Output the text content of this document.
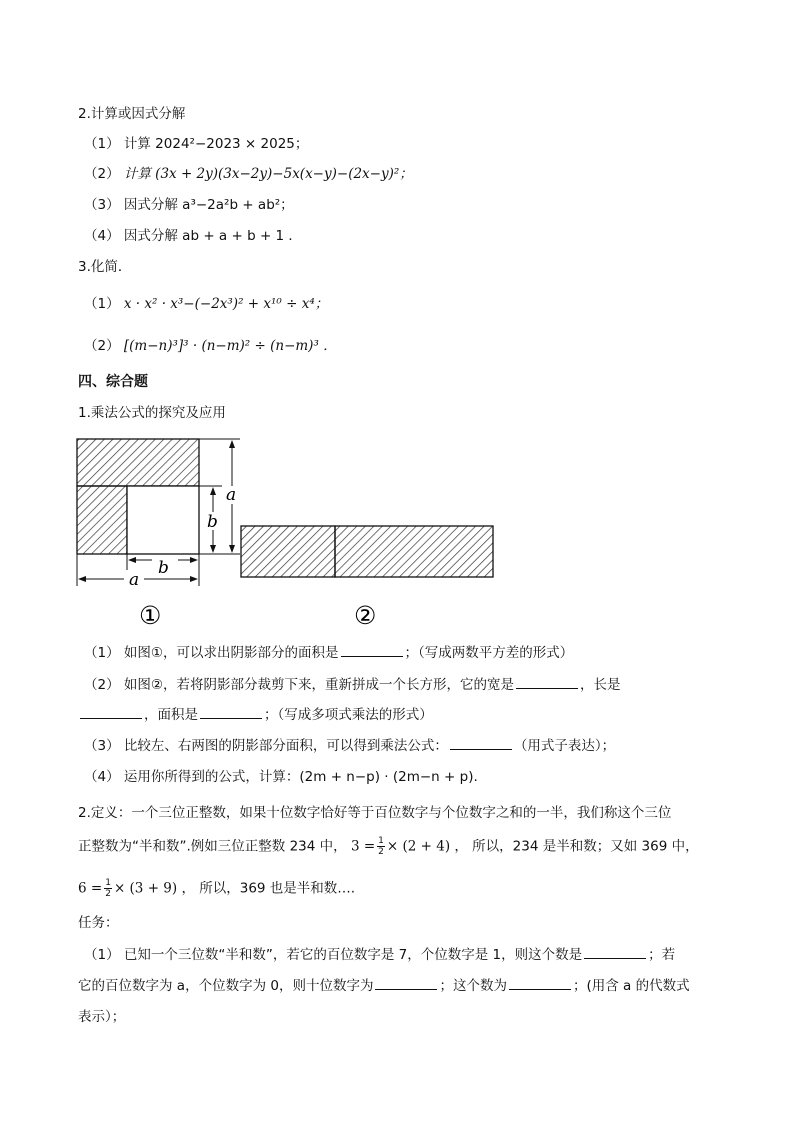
2.计算或因式分解
（1） 计算 2024²−2023 × 2025；
（2） 计算 (3x + 2y)(3x−2y)−5x(x−y)−(2x−y)²；
（3） 因式分解 a³−2a²b + ab²；
（4） 因式分解 ab + a + b + 1 ．
3.化简．
（1） x · x² · x³−(−2x³)² + x¹⁰ ÷ x⁴；
（2） [(m−n)³]³ · (n−m)² ÷ (n−m)³ ．
四、综合题
1.乘法公式的探究及应用
b
a
a
b
①	②
（1） 如图①，可以求出阴影部分的面积是	；（写成两数平方差的形式）
（2） 如图②，若将阴影部分裁剪下来，重新拼成一个长方形，它的宽是	，长是
，面积是	；（写成多项式乘法的形式）
（3） 比较左、右两图的阴影部分面积，可以得到乘法公式：	（用式子表达）；
（4） 运用你所得到的公式，计算：(2m + n−p) · (2m−n + p).
2.定义：一个三位正整数，如果十位数字恰好等于百位数字与个位数字之和的一半，我们称这个三位
正整数为“半和数”.例如三位正整数 234 中， $3 = \frac{1}{2} \times (2 + 4)$ ， 所以，234 是半和数；又如 369 中，
$6 = \frac{1}{2} \times (3 + 9)$ ， 所以，369 也是半和数….
任务：
（1） 已知一个三位数“半和数”，若它的百位数字是 7，个位数字是 1，则这个数是	；若
它的百位数字为 a，个位数字为 0，则十位数字为	；这个数为	；(用含 a 的代数式
表示）；
